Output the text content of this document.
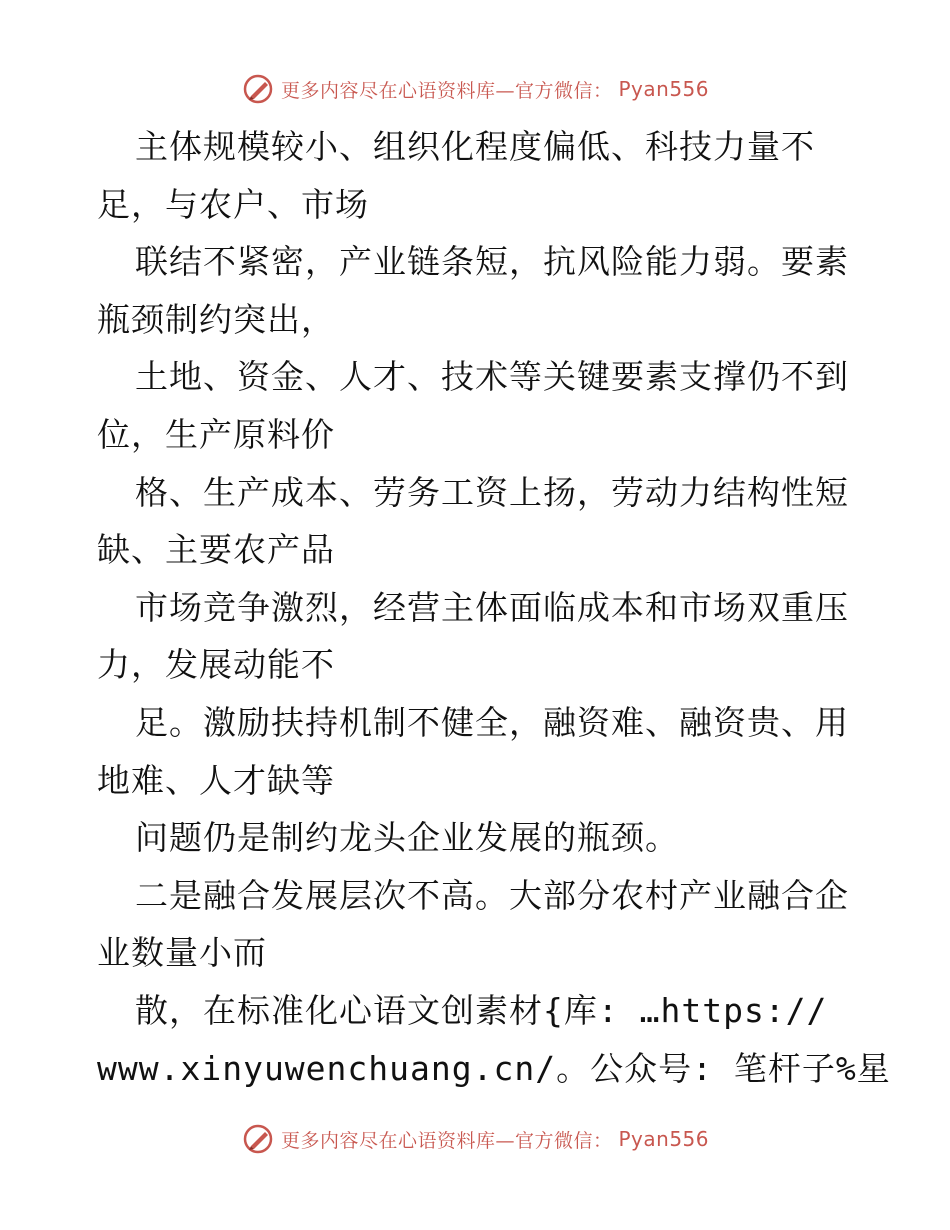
更多内容尽在心语资料库—官方微信： Pyan556
主体规模较小、组织化程度偏低、科技力量不
足，与农户、市场
联结不紧密，产业链条短，抗风险能力弱。要素
瓶颈制约突出，
土地、资金、人才、技术等关键要素支撑仍不到
位，生产原料价
格、生产成本、劳务工资上扬，劳动力结构性短
缺、主要农产品
市场竞争激烈，经营主体面临成本和市场双重压
力，发展动能不
足。激励扶持机制不健全，融资难、融资贵、用
地难、人才缺等
问题仍是制约龙头企业发展的瓶颈。
二是融合发展层次不高。大部分农村产业融合企
业数量小而
散，在标准化心语文创素材{库: …https://
www.xinyuwenchuang.cn/。公众号: 笔杆子%星
更多内容尽在心语资料库—官方微信： Pyan556
